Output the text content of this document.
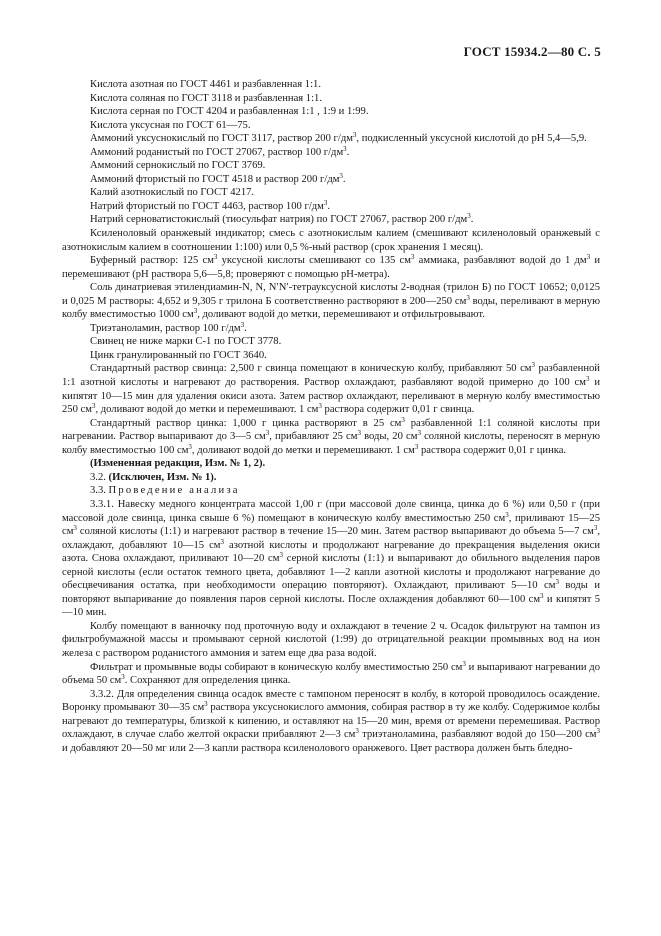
ГОСТ 15934.2—80 С. 5

Кислота азотная по ГОСТ 4461 и разбавленная 1:1.

Кислота соляная по ГОСТ 3118 и разбавленная 1:1.

Кислота серная по ГОСТ 4204 и разбавленная 1:1 , 1:9 и 1:99.

Кислота уксусная по ГОСТ 61—75.

Аммоний уксуснокислый по ГОСТ 3117, раствор 200 $г/дм^3$, подкисленный уксусной кислотой до pH 5,4—5,9.

Аммоний роданистый по ГОСТ 27067, раствор 100 $г/дм^3$.

Аммоний сернокислый по ГОСТ 3769.

Аммоний фтористый по ГОСТ 4518 и раствор 200 $г/дм^3$.

Калий азотнокислый по ГОСТ 4217.

Натрий фтористый по ГОСТ 4463, раствор 100 $г/дм^3$.

Натрий серноватистокислый (тиосульфат натрия) по ГОСТ 27067, раствор 200 $г/дм^3$.

Ксиленоловый оранжевый индикатор; смесь с азотнокислым калием (смешивают ксиленоловый оранжевый с азотнокислым калием в соотношении 1:100) или 0,5 %-ный раствор (срок хранения 1 месяц).

Буферный раствор: 125 $см^3$ уксусной кислоты смешивают со 135 $см^3$ аммиака, разбавляют водой до 1 $дм^3$ и перемешивают (рН раствора 5,6—5,8; проверяют с помощью рН-метра).

Соль динатриевая этилендиамин-N, N, N′N′-тетрауксусной кислоты 2-водная (трилон Б) по ГОСТ 10652; 0,0125 и 0,025 М растворы: 4,652 и 9,305 г трилона Б соответственно растворяют в 200—250 $см^3$ воды, переливают в мерную колбу вместимостью 1000 $см^3$, доливают водой до метки, перемешивают и отфильтровывают.

Триэтаноламин, раствор 100 $г/дм^3$.

Свинец не ниже марки С-1 по ГОСТ 3778.

Цинк гранулированный по ГОСТ 3640.

Стандартный раствор свинца: 2,500 г свинца помещают в коническую колбу, прибавляют 50 $см^3$ разбавленной 1:1 азотной кислоты и нагревают до растворения. Раствор охлаждают, разбавляют водой примерно до 100 $см^3$ и кипятят 10—15 мин для удаления окиси азота. Затем раствор охлаждают, переливают в мерную колбу вместимостью 250 $см^3$, доливают водой до метки и перемешивают. 1 $см^3$ раствора содержит 0,01 г свинца.

Стандартный раствор цинка: 1,000 г цинка растворяют в 25 $см^3$ разбавленной 1:1 соляной кислоты при нагревании. Раствор выпаривают до 3—5 $см^3$, прибавляют 25 $см^3$ воды, 20 $см^3$ соляной кислоты, переносят в мерную колбу вместимостью 100 $см^3$, доливают водой до метки и перемешивают. 1 $см^3$ раствора содержит 0,01 г цинка.

(Измененная редакция, Изм. № 1, 2).

3.2. (Исключен, Изм. № 1).

3.3. Проведение анализа

3.3.1. Навеску медного концентрата массой 1,00 г (при массовой доле свинца, цинка до 6 %) или 0,50 г (при массовой доле свинца, цинка свыше 6 %) помещают в коническую колбу вместимостью 250 $см^3$, приливают 15—25 $см^3$ соляной кислоты (1:1) и нагревают раствор в течение 15—20 мин. Затем раствор выпаривают до объема 5—7 $см^3$, охлаждают, добавляют 10—15 $см^3$ азотной кислоты и продолжают нагревание до прекращения выделения окиси азота. Снова охлаждают, приливают 10—20 $см^3$ серной кислоты (1:1) и выпаривают до обильного выделения паров серной кислоты (если остаток темного цвета, добавляют 1—2 капли азотной кислоты и продолжают нагревание до обесцвечивания остатка, при необходимости операцию повторяют). Охлаждают, приливают 5—10 $см^3$ воды и повторяют выпаривание до появления паров серной кислоты. После охлаждения добавляют 60—100 $см^3$ и кипятят 5—10 мин.

Колбу помещают в ванночку под проточную воду и охлаждают в течение 2 ч. Осадок фильтруют на тампон из фильтробумажной массы и промывают серной кислотой (1:99) до отрицательной реакции промывных вод на ион железа с раствором роданистого аммония и затем еще два раза водой.

Фильтрат и промывные воды собирают в коническую колбу вместимостью 250 $см^3$ и выпаривают нагревании до объема 50 $см^3$. Сохраняют для определения цинка.

3.3.2. Для определения свинца осадок вместе с тампоном переносят в колбу, в которой проводилось осаждение. Воронку промывают 30—35 $см^3$ раствора уксуснокислого аммония, собирая раствор в ту же колбу. Содержимое колбы нагревают до температуры, близкой к кипению, и оставляют на 15—20 мин, время от времени перемешивая. Раствор охлаждают, в случае слабо желтой окраски прибавляют 2—3 $см^3$ триэтаноламина, разбавляют водой до 150—200 $см^3$ и добавляют 20—50 мг или 2—3 капли раствора ксиленолового оранжевого. Цвет раствора должен быть бледно-
